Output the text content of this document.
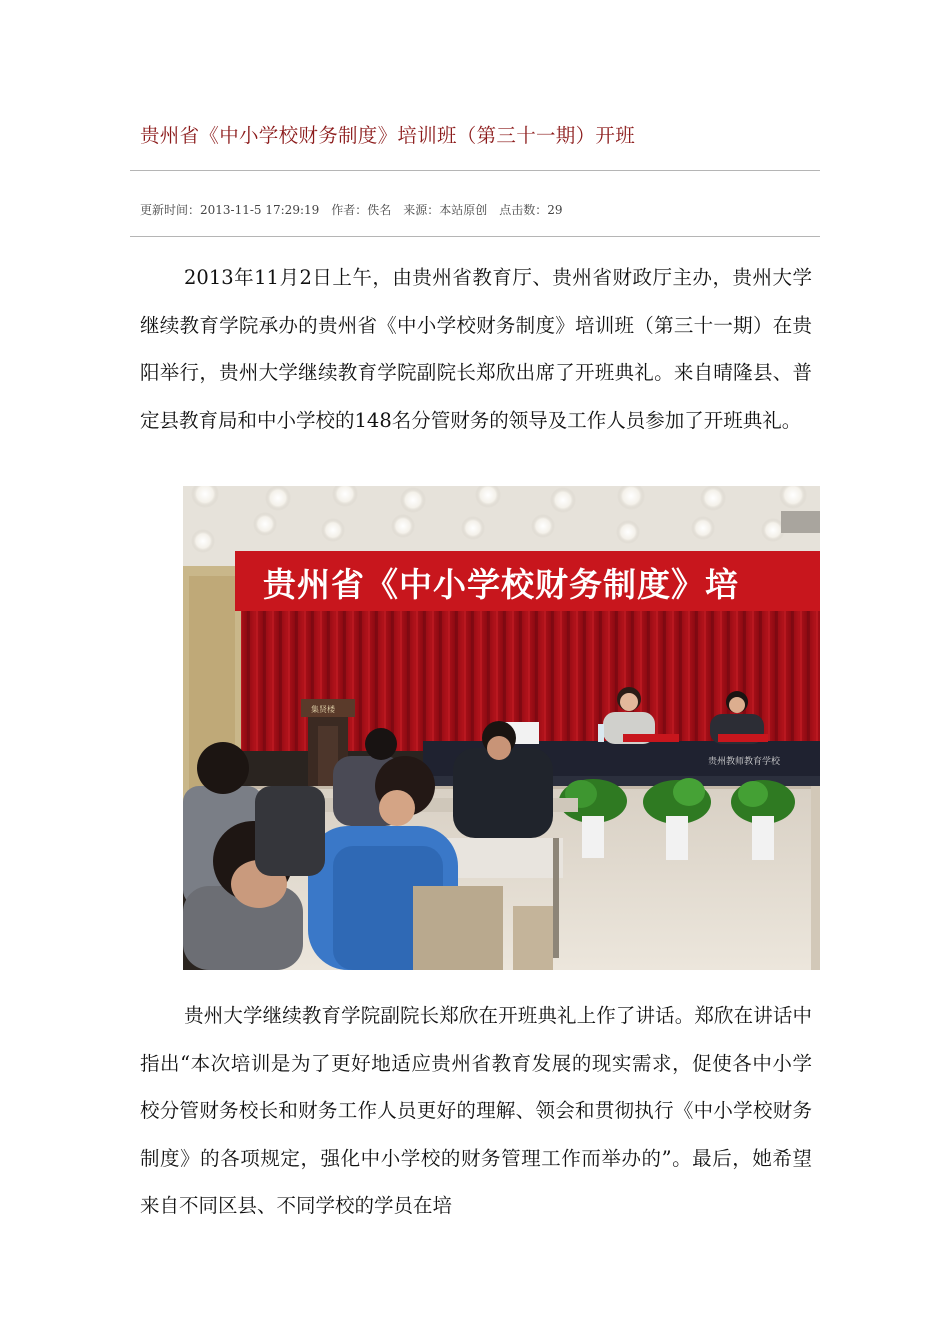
贵州省《中小学校财务制度》培训班（第三十一期）开班
更新时间：2013-11-5 17:29:19 作者：佚名 来源：本站原创 点击数：29
2013年11月2日上午，由贵州省教育厅、贵州省财政厅主办，贵州大学继续教育学院承办的贵州省《中小学校财务制度》培训班（第三十一期）在贵阳举行，贵州大学继续教育学院副院长郑欣出席了开班典礼。来自晴隆县、普定县教育局和中小学校的148名分管财务的领导及工作人员参加了开班典礼。
贵州省《中小学校财务制度》培
贵州教师教育学校
集贤楼
贵州大学继续教育学院副院长郑欣在开班典礼上作了讲话。郑欣在讲话中指出“本次培训是为了更好地适应贵州省教育发展的现实需求，促使各中小学校分管财务校长和财务工作人员更好的理解、领会和贯彻执行《中小学校财务制度》的各项规定，强化中小学校的财务管理工作而举办的”。最后，她希望来自不同区县、不同学校的学员在培
